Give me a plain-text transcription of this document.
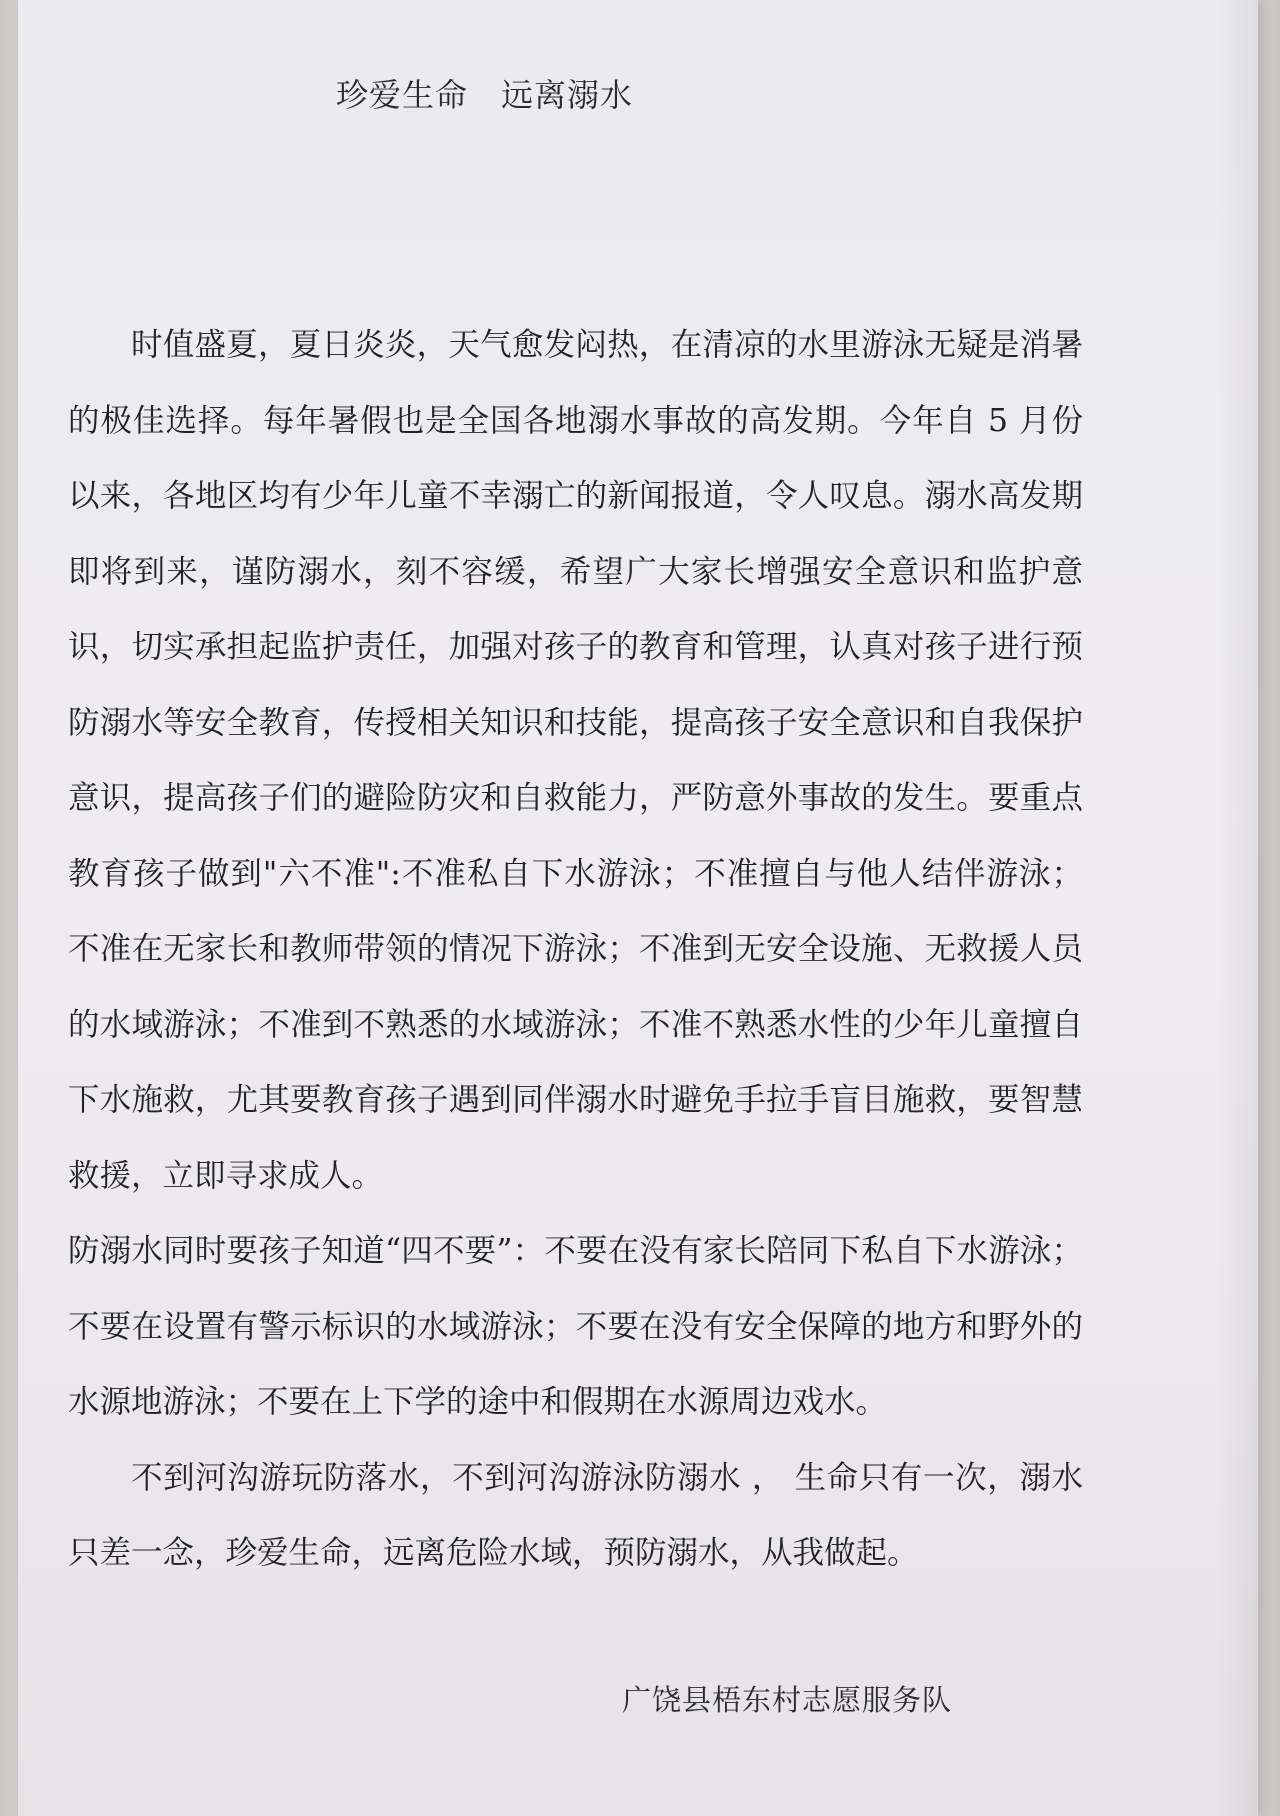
珍爱生命　远离溺水

时值盛夏，夏日炎炎，天气愈发闷热，在清凉的水里游泳无疑是消暑的极佳选择。每年暑假也是全国各地溺水事故的高发期。今年自 5 月份以来，各地区均有少年儿童不幸溺亡的新闻报道，令人叹息。溺水高发期即将到来，谨防溺水，刻不容缓，希望广大家长增强安全意识和监护意识，切实承担起监护责任，加强对孩子的教育和管理，认真对孩子进行预防溺水等安全教育，传授相关知识和技能，提高孩子安全意识和自我保护意识，提高孩子们的避险防灾和自救能力，严防意外事故的发生。要重点教育孩子做到"六不准":不准私自下水游泳；不准擅自与他人结伴游泳；不准在无家长和教师带领的情况下游泳；不准到无安全设施、无救援人员的水域游泳；不准到不熟悉的水域游泳；不准不熟悉水性的少年儿童擅自下水施救，尤其要教育孩子遇到同伴溺水时避免手拉手盲目施救，要智慧救援，立即寻求成人。

防溺水同时要孩子知道“四不要”：不要在没有家长陪同下私自下水游泳；不要在设置有警示标识的水域游泳；不要在没有安全保障的地方和野外的水源地游泳；不要在上下学的途中和假期在水源周边戏水。

不到河沟游玩防落水，不到河沟游泳防溺水 ， 生命只有一次，溺水只差一念，珍爱生命，远离危险水域，预防溺水，从我做起。

广饶县梧东村志愿服务队
